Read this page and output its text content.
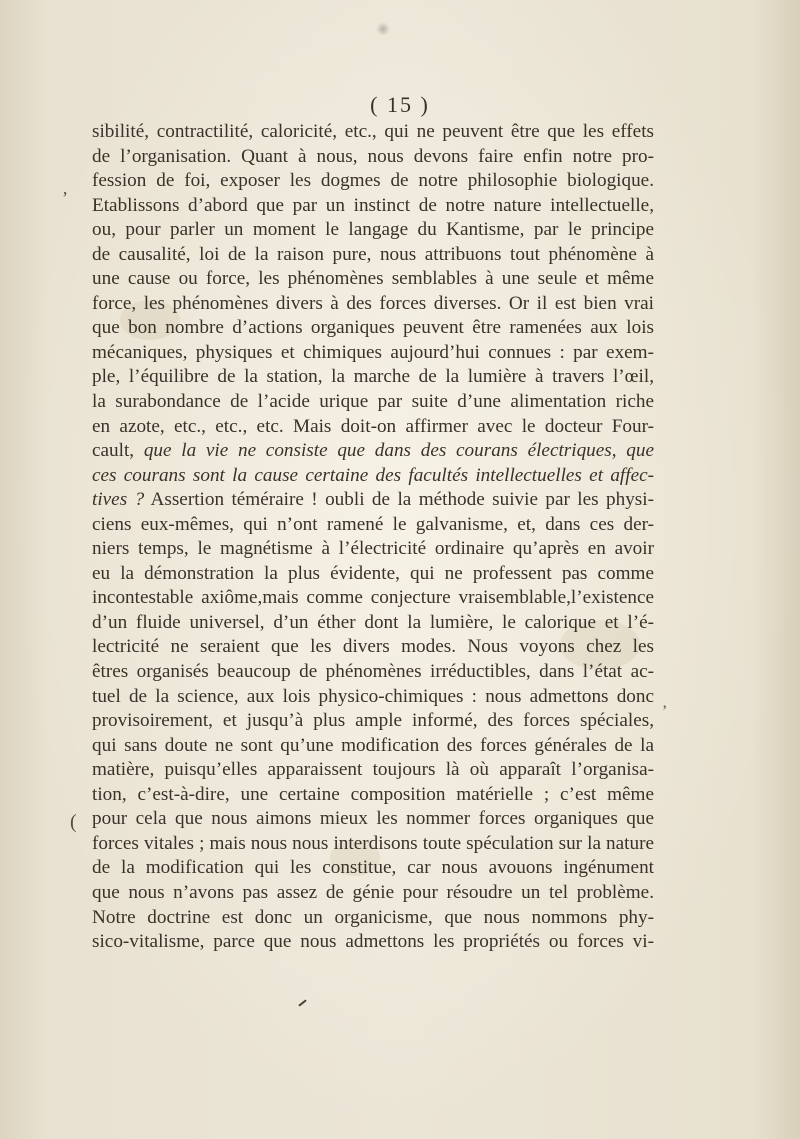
( 15 )
‚
(
‚
sibilité, contractilité, caloricité, etc., qui ne peuvent être que les effets
de l’organisation. Quant à nous, nous devons faire enfin notre pro-
fession de foi, exposer les dogmes de notre philosophie biologique.
Etablissons d’abord que par un instinct de notre nature intellectuelle,
ou, pour parler un moment le langage du Kantisme, par le principe
de causalité, loi de la raison pure, nous attribuons tout phénomène à
une cause ou force, les phénomènes semblables à une seule et même
force, les phénomènes divers à des forces diverses. Or il est bien vrai
que bon nombre d’actions organiques peuvent être ramenées aux lois
mécaniques, physiques et chimiques aujourd’hui connues : par exem-
ple, l’équilibre de la station, la marche de la lumière à travers l’œil,
la surabondance de l’acide urique par suite d’une alimentation riche
en azote, etc., etc., etc. Mais doit-on affirmer avec le docteur Four-
cault, que la vie ne consiste que dans des courans électriques, que
ces courans sont la cause certaine des facultés intellectuelles et affec-
tives ? Assertion téméraire ! oubli de la méthode suivie par les physi-
ciens eux-mêmes, qui n’ont ramené le galvanisme, et, dans ces der-
niers temps, le magnétisme à l’électricité ordinaire qu’après en avoir
eu la démonstration la plus évidente, qui ne professent pas comme
incontestable axiôme,mais comme conjecture vraisemblable,l’existence
d’un fluide universel, d’un éther dont la lumière, le calorique et l’é-
lectricité ne seraient que les divers modes. Nous voyons chez les
êtres organisés beaucoup de phénomènes irréductibles, dans l’état ac-
tuel de la science, aux lois physico-chimiques : nous admettons donc
provisoirement, et jusqu’à plus ample informé, des forces spéciales,
qui sans doute ne sont qu’une modification des forces générales de la
matière, puisqu’elles apparaissent toujours là où apparaît l’organisa-
tion, c’est-à-dire, une certaine composition matérielle ; c’est même
pour cela que nous aimons mieux les nommer forces organiques que
forces vitales ; mais nous nous interdisons toute spéculation sur la nature
de la modification qui les constitue, car nous avouons ingénument
que nous n’avons pas assez de génie pour résoudre un tel problème.
Notre doctrine est donc un organicisme, que nous nommons phy-
sico-vitalisme, parce que nous admettons les propriétés ou forces vi-
